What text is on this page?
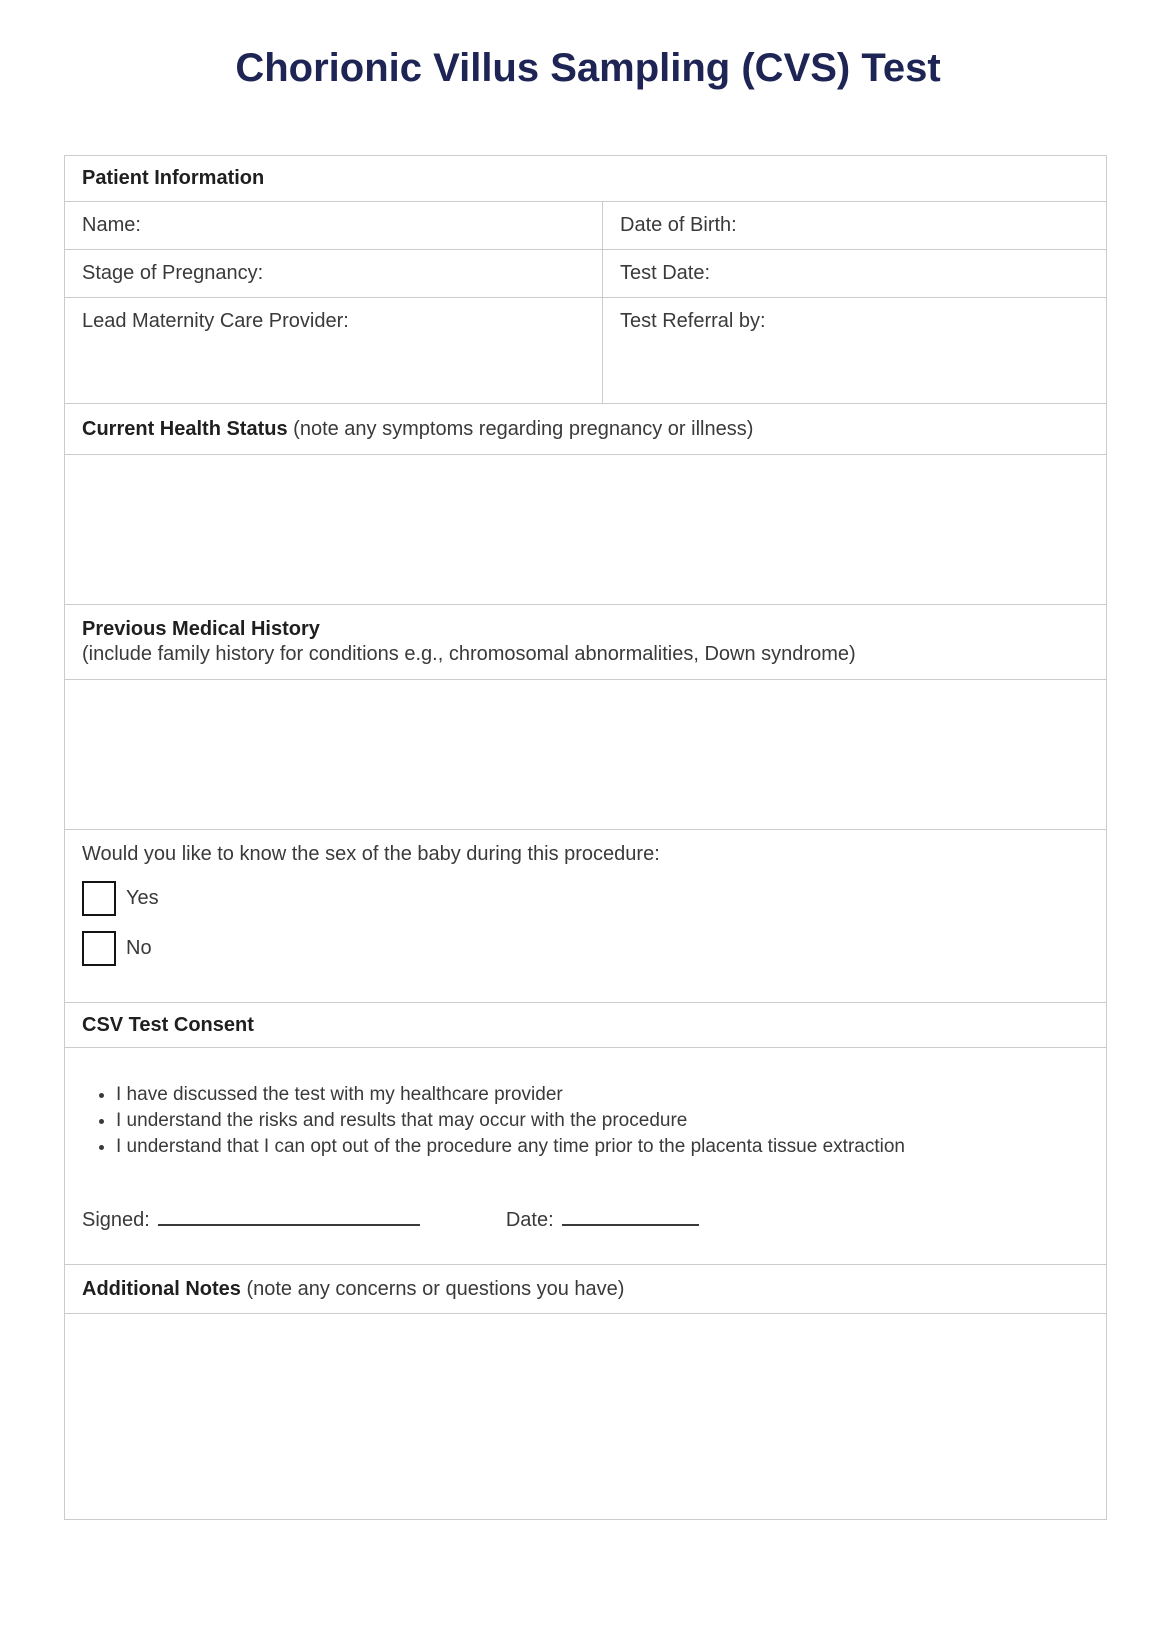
Chorionic Villus Sampling (CVS) Test
Patient Information
Name:	Date of Birth:
Stage of Pregnancy:	Test Date:
Lead Maternity Care Provider:	Test Referral by:
Current Health Status (note any symptoms regarding pregnancy or illness)
Previous Medical History
(include family history for conditions e.g., chromosomal abnormalities, Down syndrome)
Would you like to know the sex of the baby during this procedure:
Yes
No
CSV Test Consent
• I have discussed the test with my healthcare provider
• I understand the risks and results that may occur with the procedure
• I understand that I can opt out of the procedure any time prior to the placenta tissue extraction
Signed:	Date:
Additional Notes (note any concerns or questions you have)
